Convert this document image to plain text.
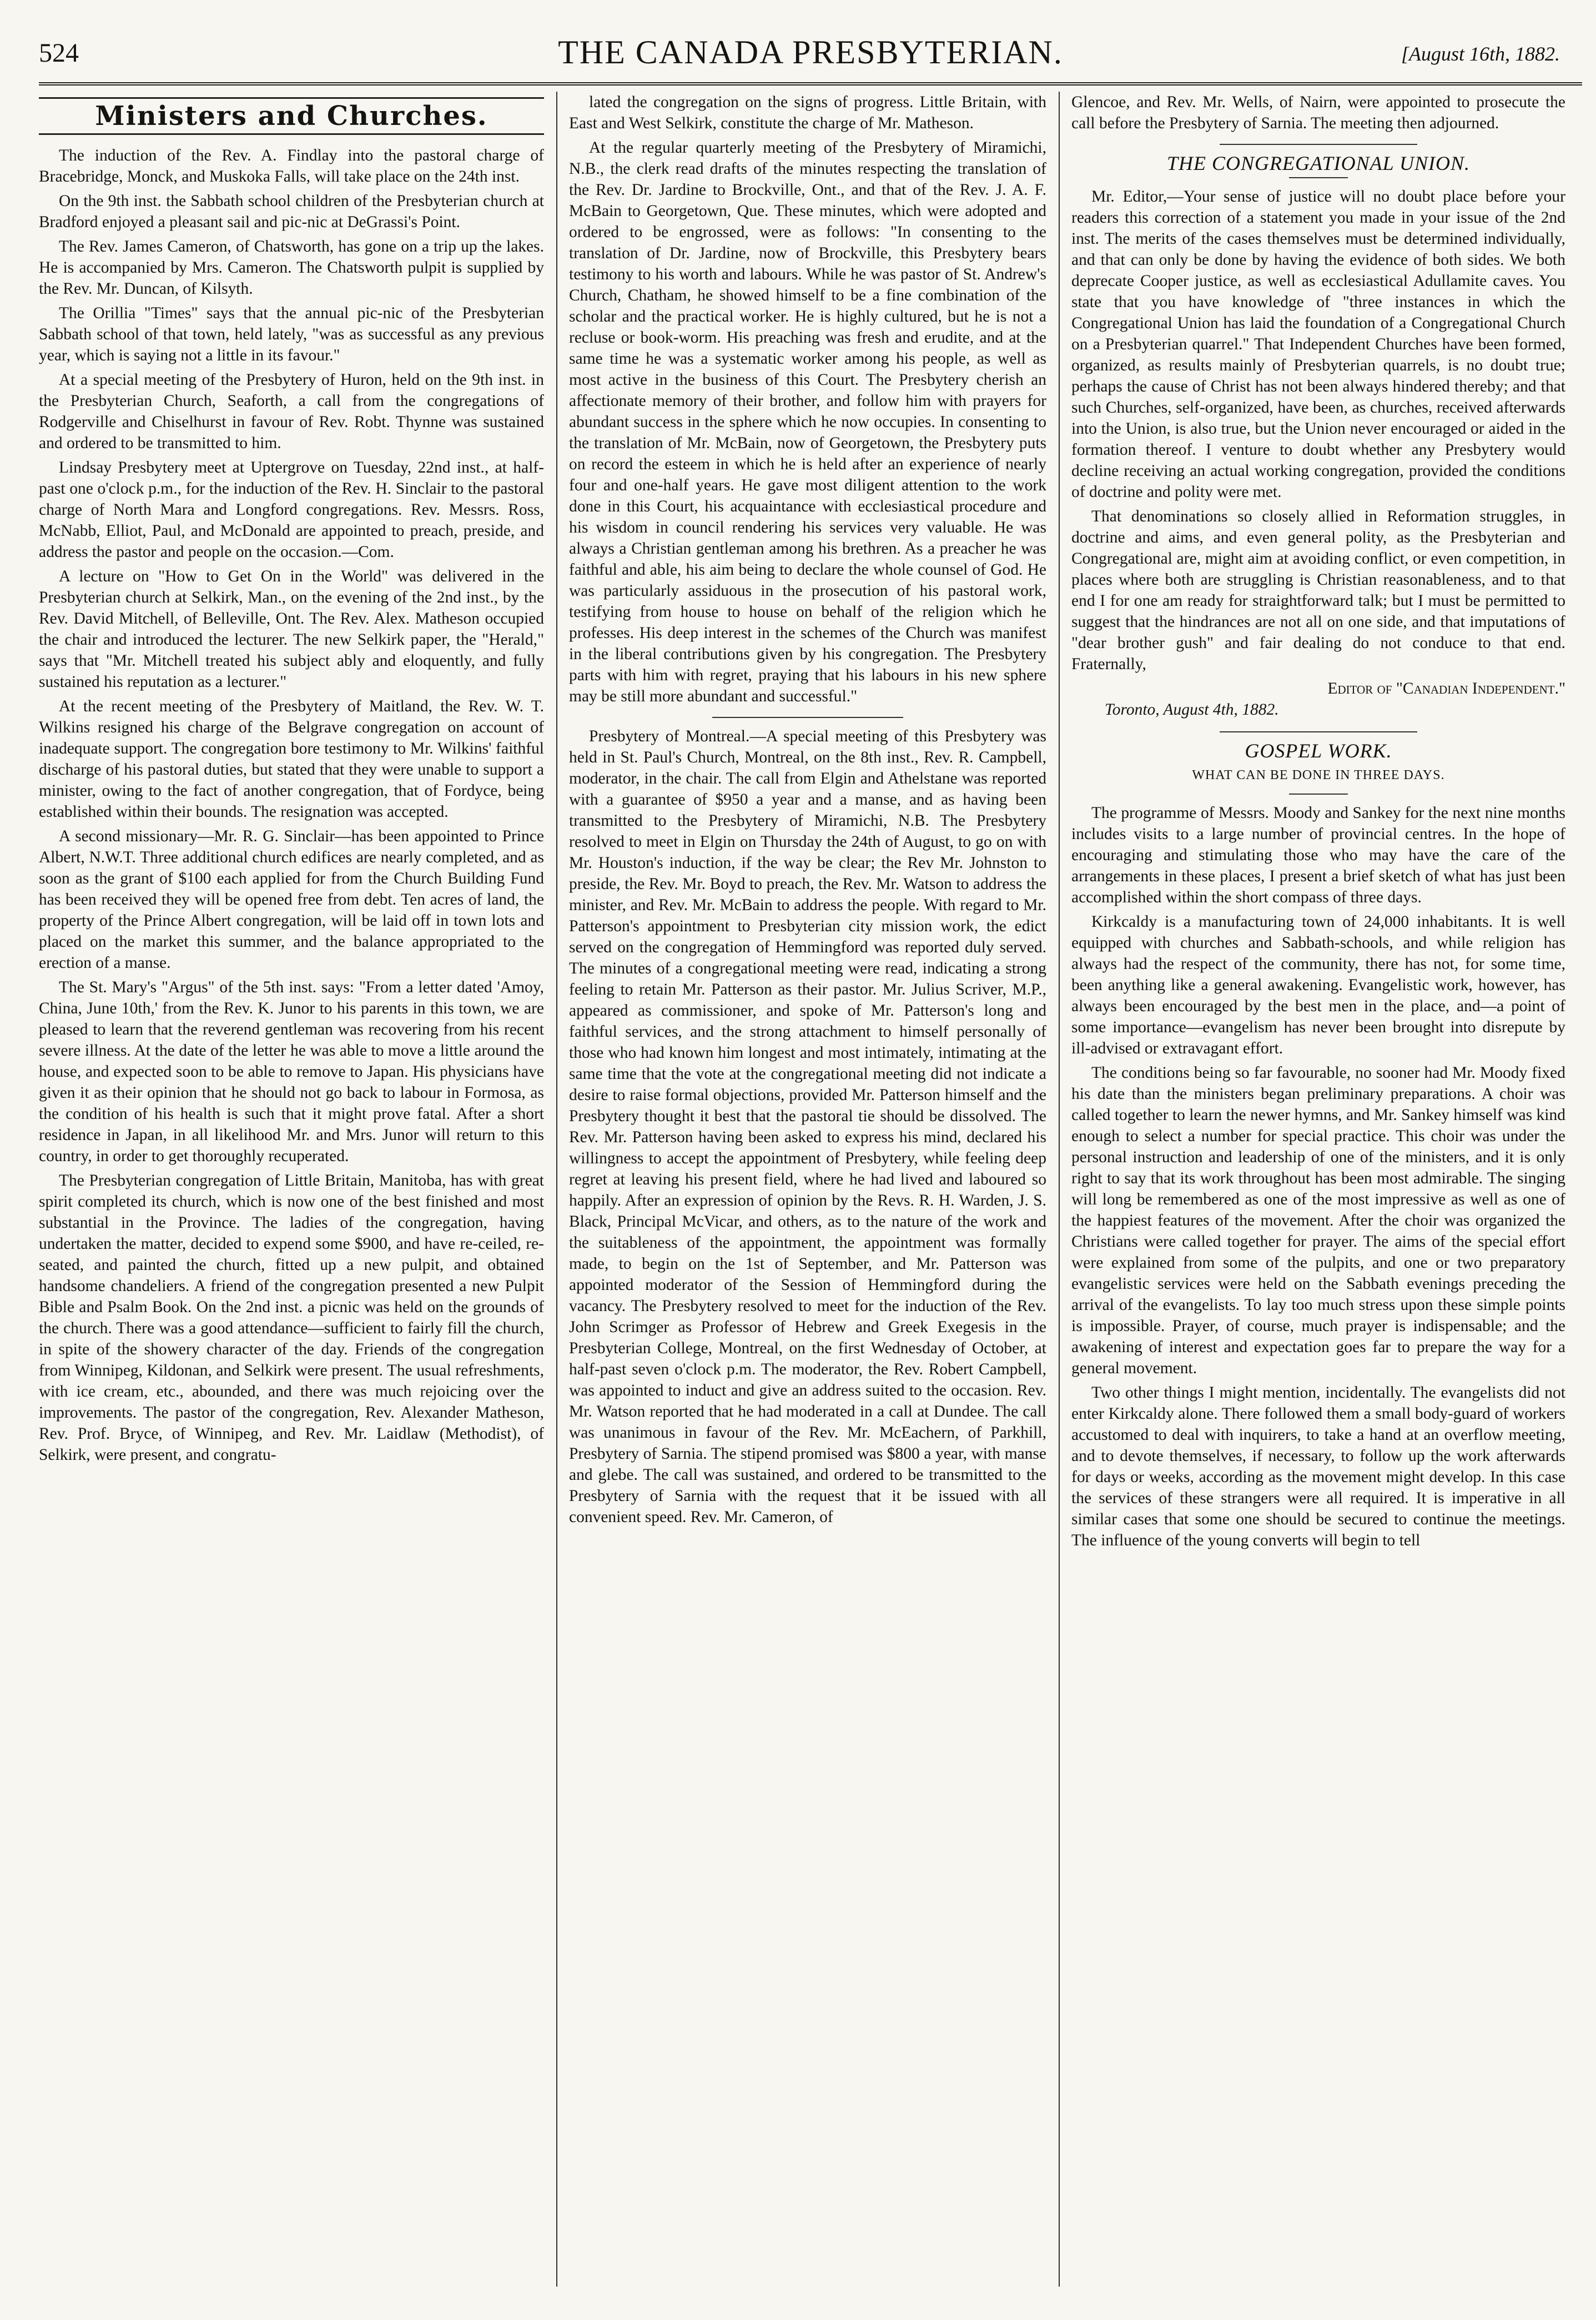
524	THE CANADA PRESBYTERIAN.	[August 16th, 1882.
Ministers and Churches.

The induction of the Rev. A. Findlay into the pastoral charge of Bracebridge, Monck, and Muskoka Falls, will take place on the 24th inst.

On the 9th inst. the Sabbath school children of the Presbyterian church at Bradford enjoyed a pleasant sail and pic-nic at DeGrassi's Point.

The Rev. James Cameron, of Chatsworth, has gone on a trip up the lakes. He is accompanied by Mrs. Cameron. The Chatsworth pulpit is supplied by the Rev. Mr. Duncan, of Kilsyth.

The Orillia "Times" says that the annual pic-nic of the Presbyterian Sabbath school of that town, held lately, "was as successful as any previous year, which is saying not a little in its favour."

At a special meeting of the Presbytery of Huron, held on the 9th inst. in the Presbyterian Church, Seaforth, a call from the congregations of Rodgerville and Chiselhurst in favour of Rev. Robt. Thynne was sustained and ordered to be transmitted to him.

Lindsay Presbytery meet at Uptergrove on Tuesday, 22nd inst., at half-past one o'clock p.m., for the induction of the Rev. H. Sinclair to the pastoral charge of North Mara and Longford congregations. Rev. Messrs. Ross, McNabb, Elliot, Paul, and McDonald are appointed to preach, preside, and address the pastor and people on the occasion.—Com.

A lecture on "How to Get On in the World" was delivered in the Presbyterian church at Selkirk, Man., on the evening of the 2nd inst., by the Rev. David Mitchell, of Belleville, Ont. The Rev. Alex. Matheson occupied the chair and introduced the lecturer. The new Selkirk paper, the "Herald," says that "Mr. Mitchell treated his subject ably and eloquently, and fully sustained his reputation as a lecturer."

At the recent meeting of the Presbytery of Maitland, the Rev. W. T. Wilkins resigned his charge of the Belgrave congregation on account of inadequate support. The congregation bore testimony to Mr. Wilkins' faithful discharge of his pastoral duties, but stated that they were unable to support a minister, owing to the fact of another congregation, that of Fordyce, being established within their bounds. The resignation was accepted.

A second missionary—Mr. R. G. Sinclair—has been appointed to Prince Albert, N.W.T. Three additional church edifices are nearly completed, and as soon as the grant of $100 each applied for from the Church Building Fund has been received they will be opened free from debt. Ten acres of land, the property of the Prince Albert congregation, will be laid off in town lots and placed on the market this summer, and the balance appropriated to the erection of a manse.

The St. Mary's "Argus" of the 5th inst. says: "From a letter dated 'Amoy, China, June 10th,' from the Rev. K. Junor to his parents in this town, we are pleased to learn that the reverend gentleman was recovering from his recent severe illness. At the date of the letter he was able to move a little around the house, and expected soon to be able to remove to Japan. His physicians have given it as their opinion that he should not go back to labour in Formosa, as the condition of his health is such that it might prove fatal. After a short residence in Japan, in all likelihood Mr. and Mrs. Junor will return to this country, in order to get thoroughly recuperated.

The Presbyterian congregation of Little Britain, Manitoba, has with great spirit completed its church, which is now one of the best finished and most substantial in the Province. The ladies of the congregation, having undertaken the matter, decided to expend some $900, and have re-ceiled, re-seated, and painted the church, fitted up a new pulpit, and obtained handsome chandeliers. A friend of the congregation presented a new Pulpit Bible and Psalm Book. On the 2nd inst. a picnic was held on the grounds of the church. There was a good attendance—sufficient to fairly fill the church, in spite of the showery character of the day. Friends of the congregation from Winnipeg, Kildonan, and Selkirk were present. The usual refreshments, with ice cream, etc., abounded, and there was much rejoicing over the improvements. The pastor of the congregation, Rev. Alexander Matheson, Rev. Prof. Bryce, of Winnipeg, and Rev. Mr. Laidlaw (Methodist), of Selkirk, were present, and congratu-

lated the congregation on the signs of progress. Little Britain, with East and West Selkirk, constitute the charge of Mr. Matheson.

At the regular quarterly meeting of the Presbytery of Miramichi, N.B., the clerk read drafts of the minutes respecting the translation of the Rev. Dr. Jardine to Brockville, Ont., and that of the Rev. J. A. F. McBain to Georgetown, Que. These minutes, which were adopted and ordered to be engrossed, were as follows: "In consenting to the translation of Dr. Jardine, now of Brockville, this Presbytery bears testimony to his worth and labours. While he was pastor of St. Andrew's Church, Chatham, he showed himself to be a fine combination of the scholar and the practical worker. He is highly cultured, but he is not a recluse or book-worm. His preaching was fresh and erudite, and at the same time he was a systematic worker among his people, as well as most active in the business of this Court. The Presbytery cherish an affectionate memory of their brother, and follow him with prayers for abundant success in the sphere which he now occupies. In consenting to the translation of Mr. McBain, now of Georgetown, the Presbytery puts on record the esteem in which he is held after an experience of nearly four and one-half years. He gave most diligent attention to the work done in this Court, his acquaintance with ecclesiastical procedure and his wisdom in council rendering his services very valuable. He was always a Christian gentleman among his brethren. As a preacher he was faithful and able, his aim being to declare the whole counsel of God. He was particularly assiduous in the prosecution of his pastoral work, testifying from house to house on behalf of the religion which he professes. His deep interest in the schemes of the Church was manifest in the liberal contributions given by his congregation. The Presbytery parts with him with regret, praying that his labours in his new sphere may be still more abundant and successful."

Presbytery of Montreal.—A special meeting of this Presbytery was held in St. Paul's Church, Montreal, on the 8th inst., Rev. R. Campbell, moderator, in the chair. The call from Elgin and Athelstane was reported with a guarantee of $950 a year and a manse, and as having been transmitted to the Presbytery of Miramichi, N.B. The Presbytery resolved to meet in Elgin on Thursday the 24th of August, to go on with Mr. Houston's induction, if the way be clear; the Rev Mr. Johnston to preside, the Rev. Mr. Boyd to preach, the Rev. Mr. Watson to address the minister, and Rev. Mr. McBain to address the people. With regard to Mr. Patterson's appointment to Presbyterian city mission work, the edict served on the congregation of Hemmingford was reported duly served. The minutes of a congregational meeting were read, indicating a strong feeling to retain Mr. Patterson as their pastor. Mr. Julius Scriver, M.P., appeared as commissioner, and spoke of Mr. Patterson's long and faithful services, and the strong attachment to himself personally of those who had known him longest and most intimately, intimating at the same time that the vote at the congregational meeting did not indicate a desire to raise formal objections, provided Mr. Patterson himself and the Presbytery thought it best that the pastoral tie should be dissolved. The Rev. Mr. Patterson having been asked to express his mind, declared his willingness to accept the appointment of Presbytery, while feeling deep regret at leaving his present field, where he had lived and laboured so happily. After an expression of opinion by the Revs. R. H. Warden, J. S. Black, Principal McVicar, and others, as to the nature of the work and the suitableness of the appointment, the appointment was formally made, to begin on the 1st of September, and Mr. Patterson was appointed moderator of the Session of Hemmingford during the vacancy. The Presbytery resolved to meet for the induction of the Rev. John Scrimger as Professor of Hebrew and Greek Exegesis in the Presbyterian College, Montreal, on the first Wednesday of October, at half-past seven o'clock p.m. The moderator, the Rev. Robert Campbell, was appointed to induct and give an address suited to the occasion. Rev. Mr. Watson reported that he had moderated in a call at Dundee. The call was unanimous in favour of the Rev. Mr. McEachern, of Parkhill, Presbytery of Sarnia. The stipend promised was $800 a year, with manse and glebe. The call was sustained, and ordered to be transmitted to the Presbytery of Sarnia with the request that it be issued with all convenient speed. Rev. Mr. Cameron, of

Glencoe, and Rev. Mr. Wells, of Nairn, were appointed to prosecute the call before the Presbytery of Sarnia. The meeting then adjourned.

THE CONGREGATIONAL UNION.

Mr. Editor,—Your sense of justice will no doubt place before your readers this correction of a statement you made in your issue of the 2nd inst. The merits of the cases themselves must be determined individually, and that can only be done by having the evidence of both sides. We both deprecate Cooper justice, as well as ecclesiastical Adullamite caves. You state that you have knowledge of "three instances in which the Congregational Union has laid the foundation of a Congregational Church on a Presbyterian quarrel." That Independent Churches have been formed, organized, as results mainly of Presbyterian quarrels, is no doubt true; perhaps the cause of Christ has not been always hindered thereby; and that such Churches, self-organized, have been, as churches, received afterwards into the Union, is also true, but the Union never encouraged or aided in the formation thereof. I venture to doubt whether any Presbytery would decline receiving an actual working congregation, provided the conditions of doctrine and polity were met.

That denominations so closely allied in Reformation struggles, in doctrine and aims, and even general polity, as the Presbyterian and Congregational are, might aim at avoiding conflict, or even competition, in places where both are struggling is Christian reasonableness, and to that end I for one am ready for straightforward talk; but I must be permitted to suggest that the hindrances are not all on one side, and that imputations of "dear brother gush" and fair dealing do not conduce to that end. Fraternally,

Editor of "Canadian Independent."
Toronto, August 4th, 1882.
GOSPEL WORK.
WHAT CAN BE DONE IN THREE DAYS.

The programme of Messrs. Moody and Sankey for the next nine months includes visits to a large number of provincial centres. In the hope of encouraging and stimulating those who may have the care of the arrangements in these places, I present a brief sketch of what has just been accomplished within the short compass of three days.

Kirkcaldy is a manufacturing town of 24,000 inhabitants. It is well equipped with churches and Sabbath-schools, and while religion has always had the respect of the community, there has not, for some time, been anything like a general awakening. Evangelistic work, however, has always been encouraged by the best men in the place, and—a point of some importance—evangelism has never been brought into disrepute by ill-advised or extravagant effort.

The conditions being so far favourable, no sooner had Mr. Moody fixed his date than the ministers began preliminary preparations. A choir was called together to learn the newer hymns, and Mr. Sankey himself was kind enough to select a number for special practice. This choir was under the personal instruction and leadership of one of the ministers, and it is only right to say that its work throughout has been most admirable. The singing will long be remembered as one of the most impressive as well as one of the happiest features of the movement. After the choir was organized the Christians were called together for prayer. The aims of the special effort were explained from some of the pulpits, and one or two preparatory evangelistic services were held on the Sabbath evenings preceding the arrival of the evangelists. To lay too much stress upon these simple points is impossible. Prayer, of course, much prayer is indispensable; and the awakening of interest and expectation goes far to prepare the way for a general movement.

Two other things I might mention, incidentally. The evangelists did not enter Kirkcaldy alone. There followed them a small body-guard of workers accustomed to deal with inquirers, to take a hand at an overflow meeting, and to devote themselves, if necessary, to follow up the work afterwards for days or weeks, according as the movement might develop. In this case the services of these strangers were all required. It is imperative in all similar cases that some one should be secured to continue the meetings. The influence of the young converts will begin to tell
